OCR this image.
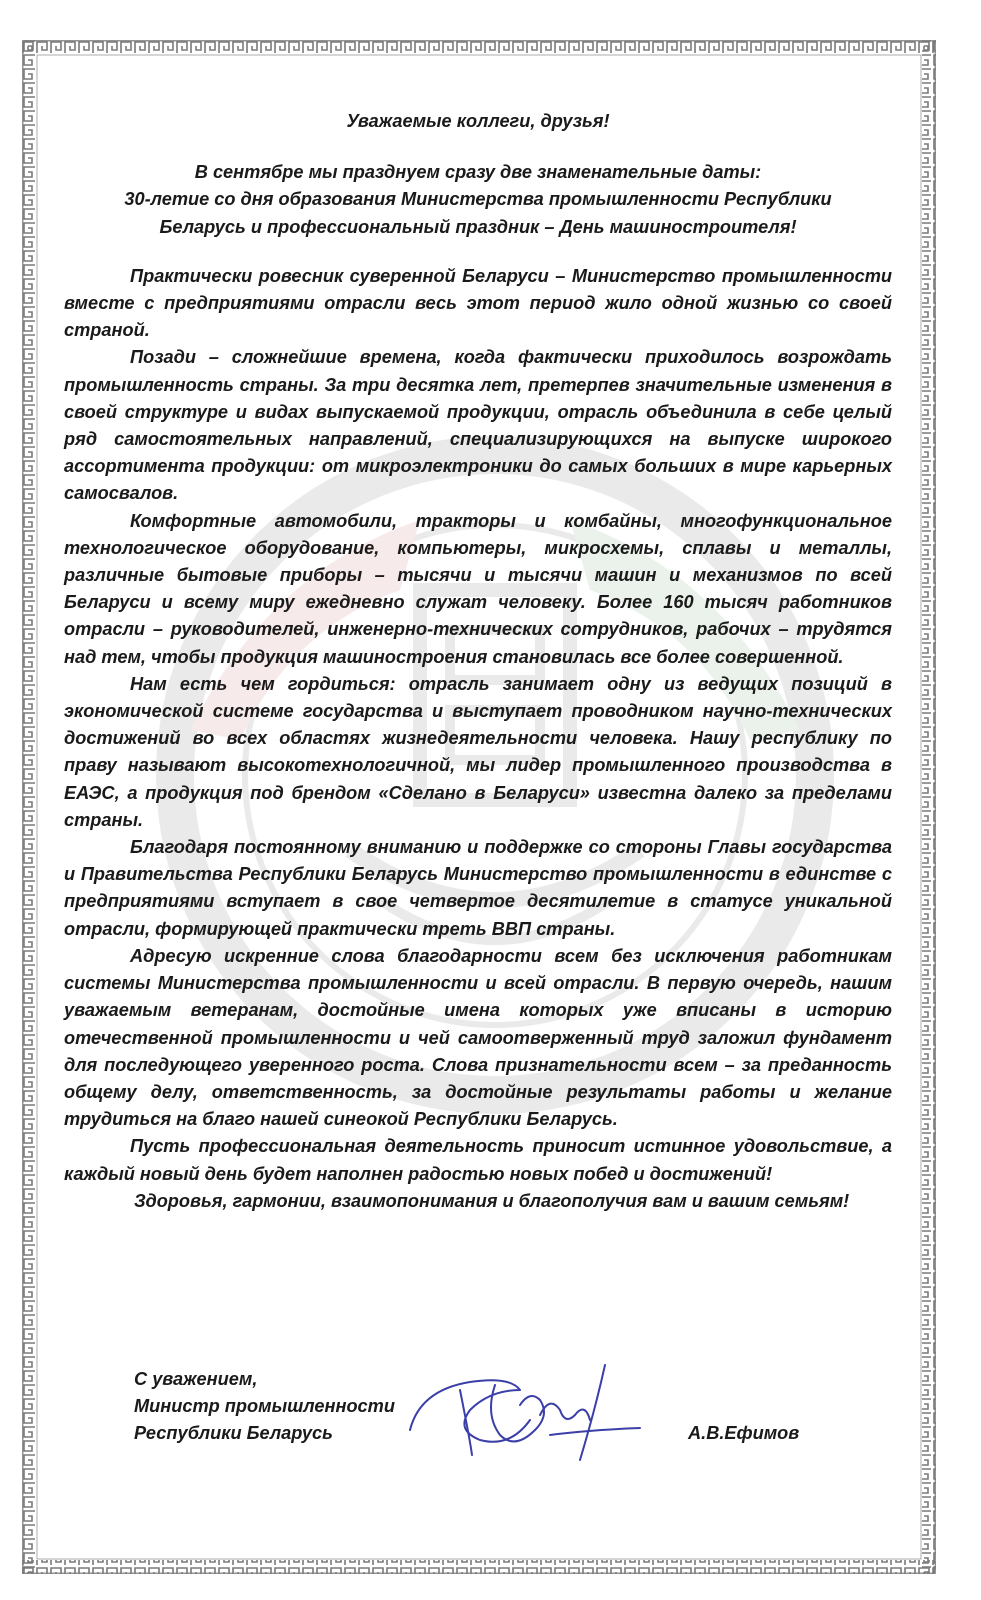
Уважаемые коллеги, друзья!

В сентябре мы празднуем сразу две знаменательные даты:
30-летие со дня образования Министерства промышленности Республики
Беларусь и профессиональный праздник – День машиностроителя!

Практически ровесник суверенной Беларуси – Министерство промышленности вместе с предприятиями отрасли весь этот период жило одной жизнью со своей страной.

Позади – сложнейшие времена, когда фактически приходилось возрождать промышленность страны. За три десятка лет, претерпев значительные изменения в своей структуре и видах выпускаемой продукции, отрасль объединила в себе целый ряд самостоятельных направлений, специализирующихся на выпуске широкого ассортимента продукции: от микроэлектроники до самых больших в мире карьерных самосвалов.

Комфортные автомобили, тракторы и комбайны, многофункциональное технологическое оборудование, компьютеры, микросхемы, сплавы и металлы, различные бытовые приборы – тысячи и тысячи машин и механизмов по всей Беларуси и всему миру ежедневно служат человеку. Более 160 тысяч работников отрасли – руководителей, инженерно-технических сотрудников, рабочих – трудятся над тем, чтобы продукция машиностроения становилась все более совершенной.

Нам есть чем гордиться: отрасль занимает одну из ведущих позиций в экономической системе государства и выступает проводником научно-технических достижений во всех областях жизнедеятельности человека. Нашу республику по праву называют высокотехнологичной, мы лидер промышленного производства в ЕАЭС, а продукция под брендом «Сделано в Беларуси» известна далеко за пределами страны.

Благодаря постоянному вниманию и поддержке со стороны Главы государства и Правительства Республики Беларусь Министерство промышленности в единстве с предприятиями вступает в свое четвертое десятилетие в статусе уникальной отрасли, формирующей практически треть ВВП страны.

Адресую искренние слова благодарности всем без исключения работникам системы Министерства промышленности и всей отрасли. В первую очередь, нашим уважаемым ветеранам, достойные имена которых уже вписаны в историю отечественной промышленности и чей самоотверженный труд заложил фундамент для последующего уверенного роста. Слова признательности всем – за преданность общему делу, ответственность, за достойные результаты работы и желание трудиться на благо нашей синеокой Республики Беларусь.

Пусть профессиональная деятельность приносит истинное удовольствие, а каждый новый день будет наполнен радостью новых побед и достижений!

Здоровья, гармонии, взаимопонимания и благополучия вам и вашим семьям!

С уважением,
Министр промышленности
Республики Беларусь	А.В.Ефимов
